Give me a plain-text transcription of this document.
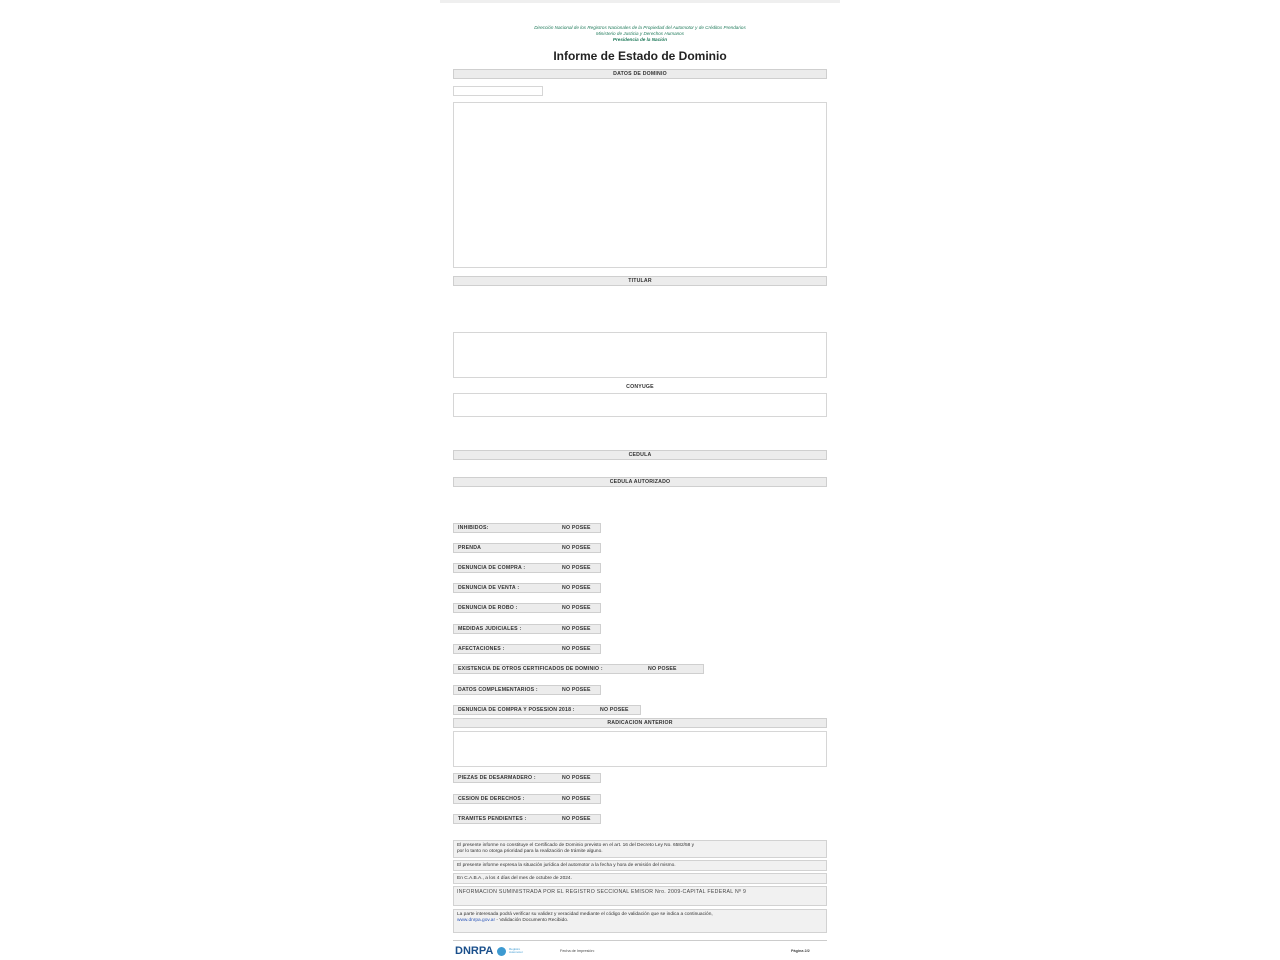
Dirección Nacional de los Registros Nacionales de la Propiedad del Automotor y de Créditos Prendarios
Ministerio de Justicia y Derechos Humanos
Presidencia de la Nación
Informe de Estado de Dominio
DATOS DE DOMINIO
TITULAR
CONYUGE
CEDULA
CEDULA AUTORIZADO
INHIBIDOS:	NO POSEE
PRENDA	NO POSEE
DENUNCIA DE COMPRA :	NO POSEE
DENUNCIA DE VENTA :	NO POSEE
DENUNCIA DE ROBO :	NO POSEE
MEDIDAS JUDICIALES :	NO POSEE
AFECTACIONES :	NO POSEE
EXISTENCIA DE OTROS CERTIFICADOS DE DOMINIO :	NO POSEE
DATOS COMPLEMENTARIOS :	NO POSEE
DENUNCIA DE COMPRA Y POSESION 2018 :	NO POSEE
RADICACION ANTERIOR
PIEZAS DE DESARMADERO :	NO POSEE
CESION DE DERECHOS :	NO POSEE
TRAMITES PENDIENTES :	NO POSEE
El presente informe no constituye el Certificado de Dominio previsto en el art. 16 del Decreto Ley No. 6582/58 y
por lo tanto no otorga prioridad para la realización de trámite alguno.
El presente informe expresa la situación jurídica del automotor a la fecha y hora de emisión del mismo.
En C.A.B.A., a los 4 días del mes de octubre de 2024.
INFORMACION SUMINISTRADA POR EL REGISTRO SECCIONAL EMISOR Nro. 2009-CAPITAL FEDERAL Nº 9
La parte interesada podrá verificar su validez y veracidad mediante el código de validación que se indica a continuación,
www.dnrpa.gov.ar - Validación Documento Recibido.
DNRPA	Registro Automotor	Fecha de Impresión:	Página 2/2
